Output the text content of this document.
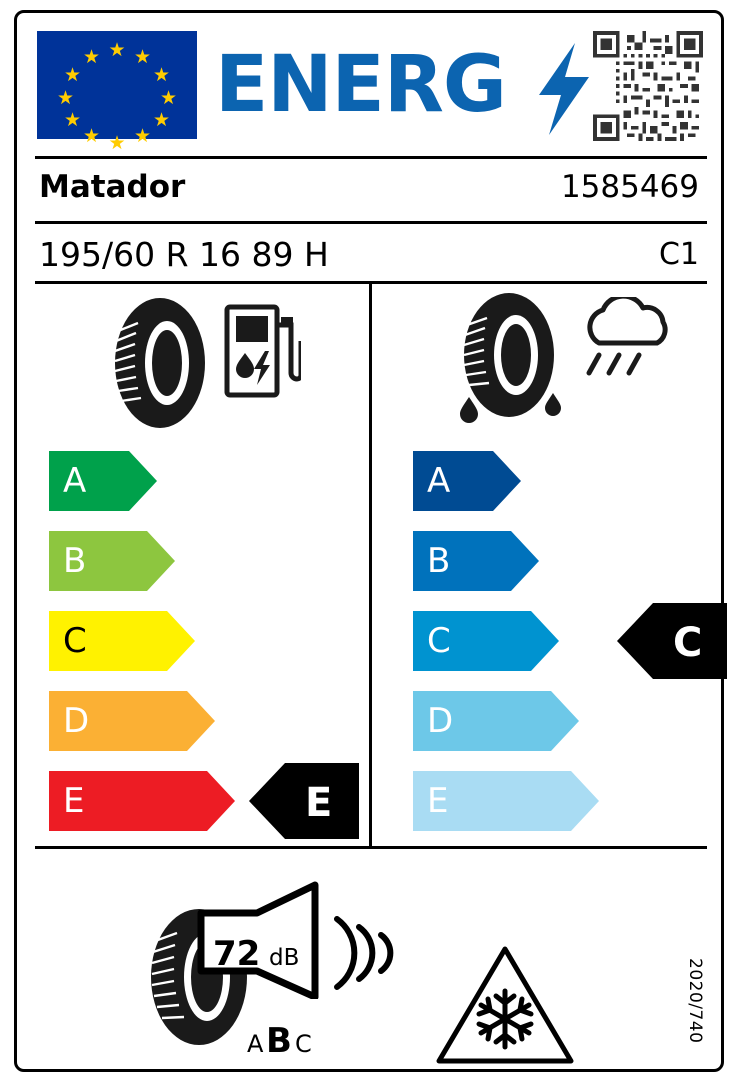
★
★ ★
★	★
★	★
★	★
★ ★
★
ENERG
Matador	1585469
195/60 R 16 89 H	C1
A
B
C
D
E	E
A
B
C
D
E
C
72 dB
A B C
2020/740
